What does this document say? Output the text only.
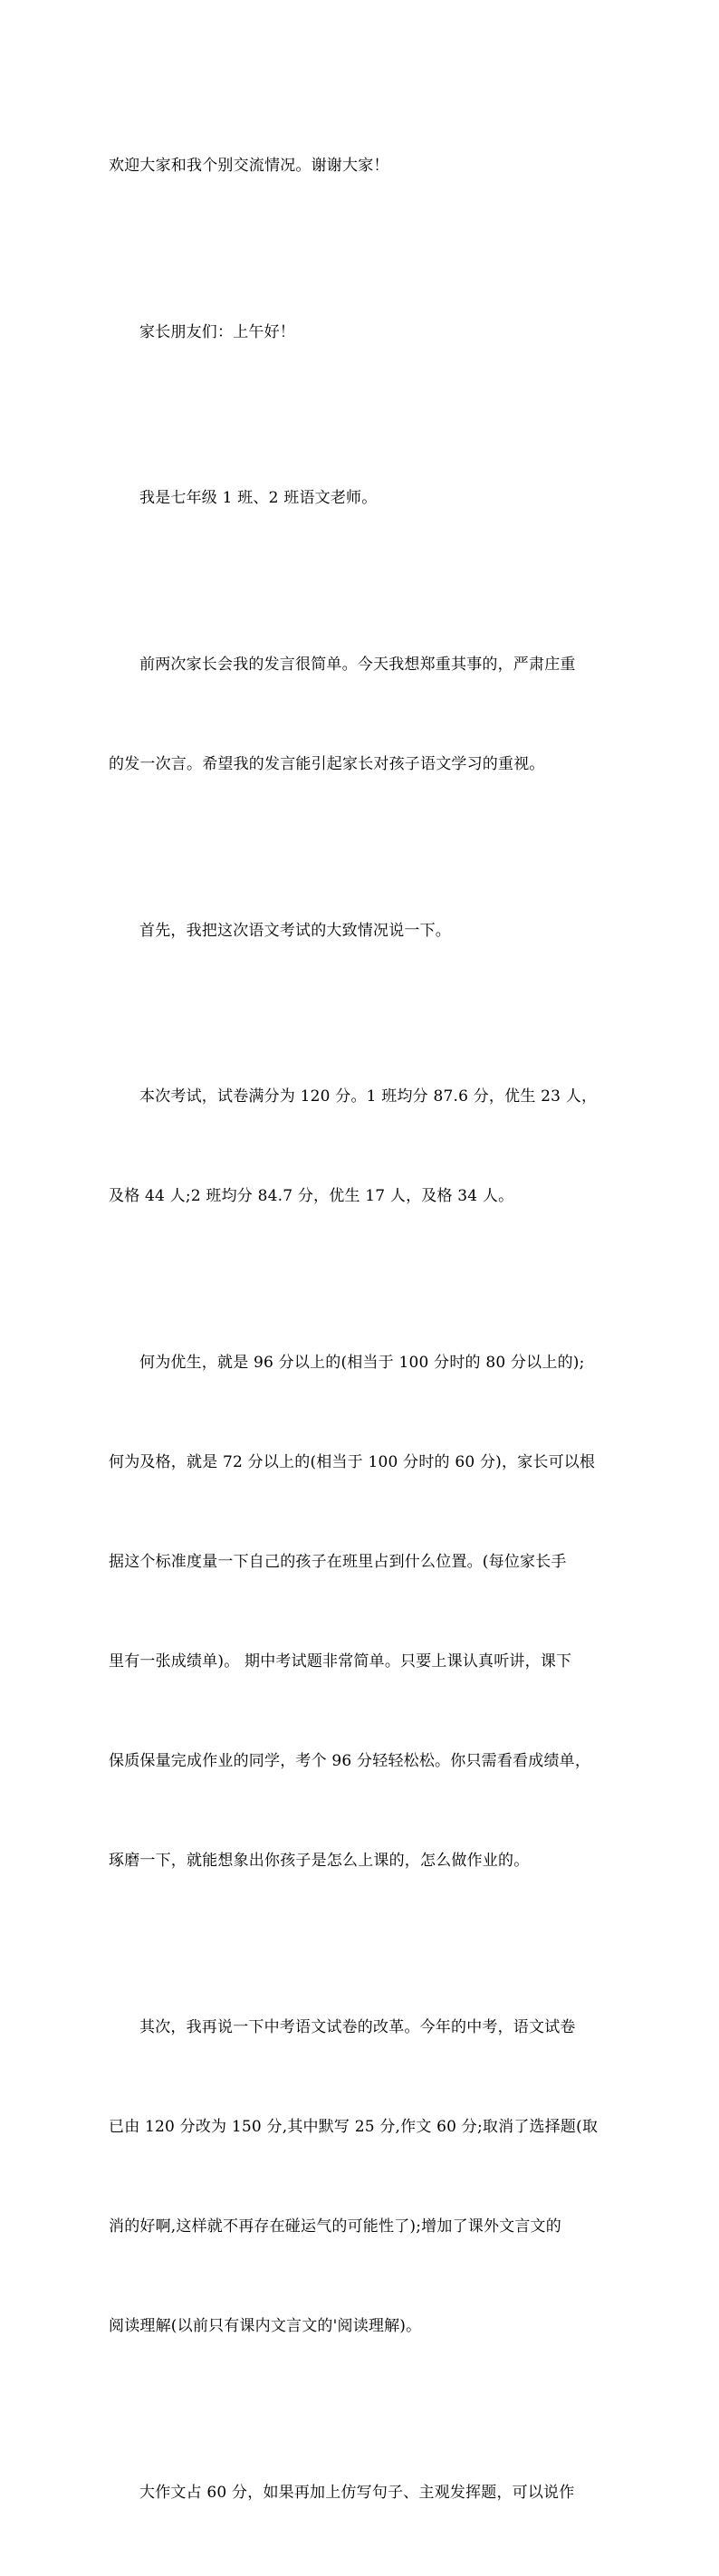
欢迎大家和我个别交流情况。谢谢大家！

家长朋友们：上午好！

我是七年级 1 班、2 班语文老师。

前两次家长会我的发言很简单。今天我想郑重其事的，严肃庄重

的发一次言。希望我的发言能引起家长对孩子语文学习的重视。

首先，我把这次语文考试的大致情况说一下。

本次考试，试卷满分为 120 分。1 班均分 87.6 分，优生 23 人，

及格 44 人;2 班均分 84.7 分，优生 17 人，及格 34 人。

何为优生，就是 96 分以上的(相当于 100 分时的 80 分以上的);

何为及格，就是 72 分以上的(相当于 100 分时的 60 分)，家长可以根

据这个标准度量一下自己的孩子在班里占到什么位置。(每位家长手

里有一张成绩单)。 期中考试题非常简单。只要上课认真听讲，课下

保质保量完成作业的同学，考个 96 分轻轻松松。你只需看看成绩单，

琢磨一下，就能想象出你孩子是怎么上课的，怎么做作业的。

其次，我再说一下中考语文试卷的改革。今年的中考，语文试卷

已由 120 分改为 150 分,其中默写 25 分,作文 60 分;取消了选择题(取

消的好啊,这样就不再存在碰运气的可能性了);增加了课外文言文的

阅读理解(以前只有课内文言文的'阅读理解)。

大作文占 60 分，如果再加上仿写句子、主观发挥题，可以说作
